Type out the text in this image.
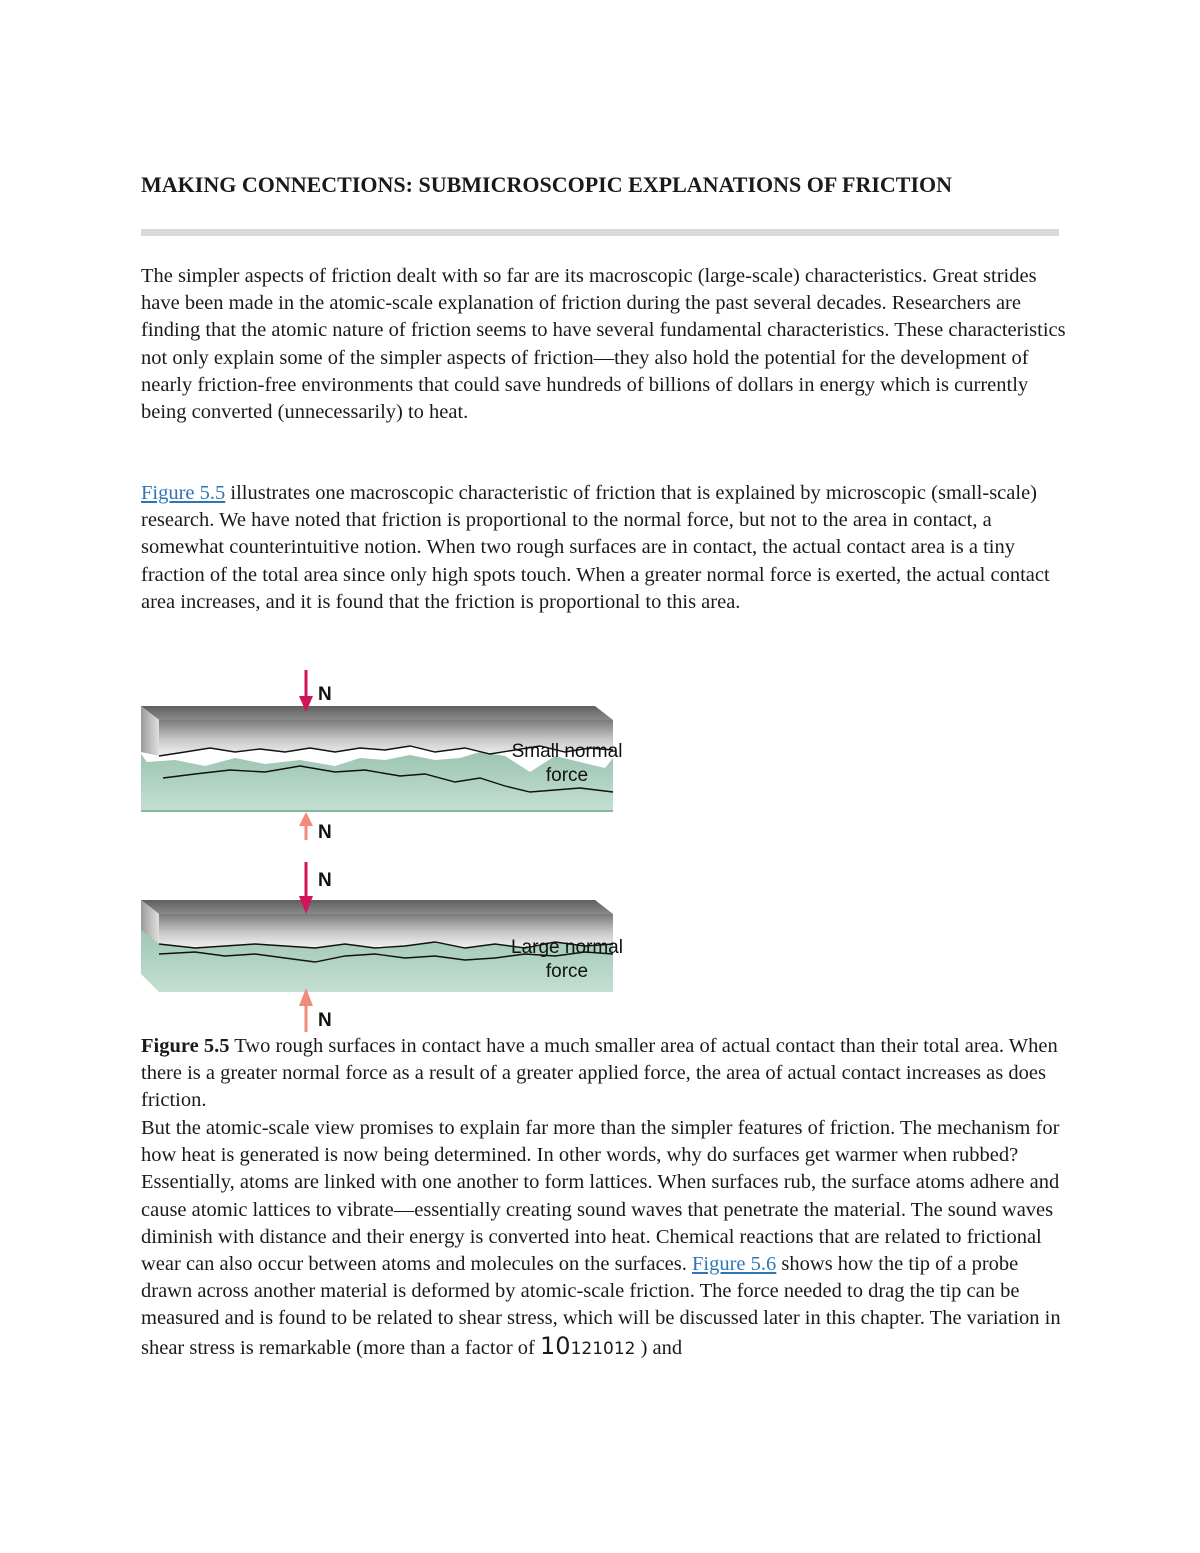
MAKING CONNECTIONS: SUBMICROSCOPIC EXPLANATIONS OF FRICTION

The simpler aspects of friction dealt with so far are its macroscopic (large-scale) characteristics. Great strides have been made in the atomic-scale explanation of friction during the past several decades. Researchers are finding that the atomic nature of friction seems to have several fundamental characteristics. These characteristics not only explain some of the simpler aspects of friction—they also hold the potential for the development of nearly friction-free environments that could save hundreds of billions of dollars in energy which is currently being converted (unnecessarily) to heat.

Figure 5.5 illustrates one macroscopic characteristic of friction that is explained by microscopic (small-scale) research. We have noted that friction is proportional to the normal force, but not to the area in contact, a somewhat counterintuitive notion. When two rough surfaces are in contact, the actual contact area is a tiny fraction of the total area since only high spots touch. When a greater normal force is exerted, the actual contact area increases, and it is found that the friction is proportional to this area.

N
N
Small normal
force
N
N
Large normal
force

Figure 5.5 Two rough surfaces in contact have a much smaller area of actual contact than their total area. When there is a greater normal force as a result of a greater applied force, the area of actual contact increases as does friction.

But the atomic-scale view promises to explain far more than the simpler features of friction. The mechanism for how heat is generated is now being determined. In other words, why do surfaces get warmer when rubbed? Essentially, atoms are linked with one another to form lattices. When surfaces rub, the surface atoms adhere and cause atomic lattices to vibrate—essentially creating sound waves that penetrate the material. The sound waves diminish with distance and their energy is converted into heat. Chemical reactions that are related to frictional wear can also occur between atoms and molecules on the surfaces. Figure 5.6 shows how the tip of a probe drawn across another material is deformed by atomic-scale friction. The force needed to drag the tip can be measured and is found to be related to shear stress, which will be discussed later in this chapter. The variation in shear stress is remarkable (more than a factor of 10121012 ) and
